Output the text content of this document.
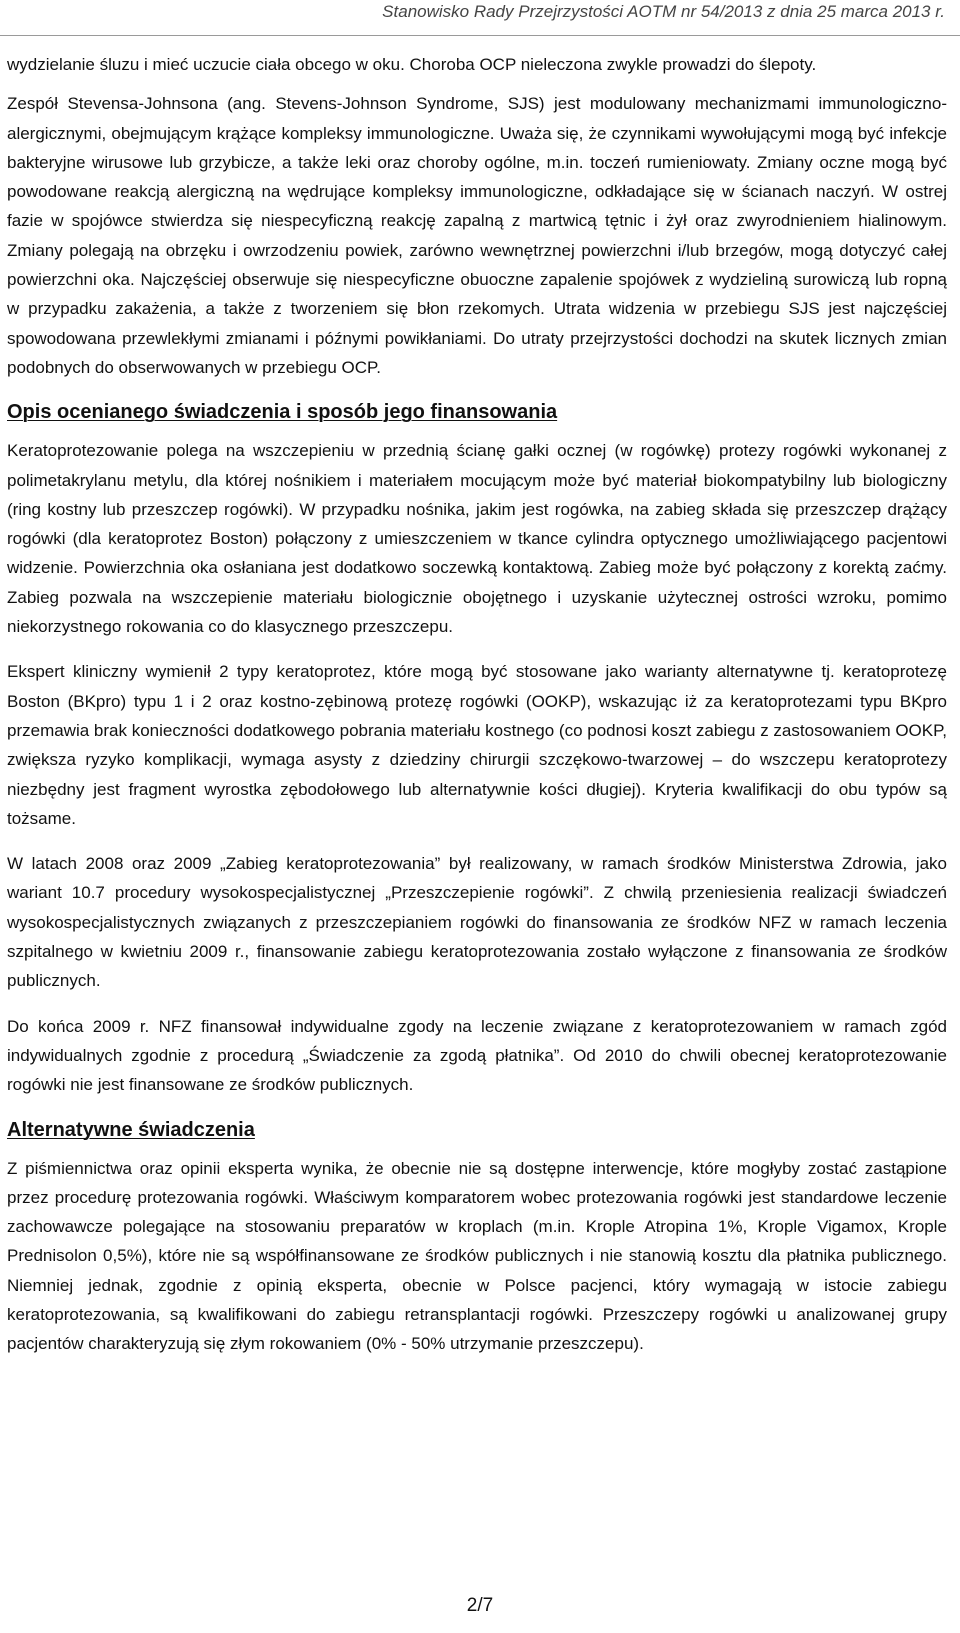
Stanowisko Rady Przejrzystości AOTM nr 54/2013 z dnia 25 marca 2013 r.

wydzielanie śluzu i mieć uczucie ciała obcego w oku. Choroba OCP nieleczona zwykle prowadzi do ślepoty.

Zespół Stevensa-Johnsona (ang. Stevens-Johnson Syndrome, SJS) jest modulowany mechanizmami immunologiczno-alergicznymi, obejmującym krążące kompleksy immunologiczne. Uważa się, że czynnikami wywołującymi mogą być infekcje bakteryjne wirusowe lub grzybicze, a także leki oraz choroby ogólne, m.in. toczeń rumieniowaty. Zmiany oczne mogą być powodowane reakcją alergiczną na wędrujące kompleksy immunologiczne, odkładające się w ścianach naczyń. W ostrej fazie w spojówce stwierdza się niespecyficzną reakcję zapalną z martwicą tętnic i żył oraz zwyrodnieniem hialinowym. Zmiany polegają na obrzęku i owrzodzeniu powiek, zarówno wewnętrznej powierzchni i/lub brzegów, mogą dotyczyć całej powierzchni oka. Najczęściej obserwuje się niespecyficzne obuoczne zapalenie spojówek z wydzieliną surowiczą lub ropną w przypadku zakażenia, a także z tworzeniem się błon rzekomych. Utrata widzenia w przebiegu SJS jest najczęściej spowodowana przewlekłymi zmianami i późnymi powikłaniami. Do utraty przejrzystości dochodzi na skutek licznych zmian podobnych do obserwowanych w przebiegu OCP.

Opis ocenianego świadczenia i sposób jego finansowania

Keratoprotezowanie polega na wszczepieniu w przednią ścianę gałki ocznej (w rogówkę) protezy rogówki wykonanej z polimetakrylanu metylu, dla której nośnikiem i materiałem mocującym może być materiał biokompatybilny lub biologiczny (ring kostny lub przeszczep rogówki). W przypadku nośnika, jakim jest rogówka, na zabieg składa się przeszczep drążący rogówki (dla keratoprotez Boston) połączony z umieszczeniem w tkance cylindra optycznego umożliwiającego pacjentowi widzenie. Powierzchnia oka osłaniana jest dodatkowo soczewką kontaktową. Zabieg może być połączony z korektą zaćmy. Zabieg pozwala na wszczepienie materiału biologicznie obojętnego i uzyskanie użytecznej ostrości wzroku, pomimo niekorzystnego rokowania co do klasycznego przeszczepu.

Ekspert kliniczny wymienił 2 typy keratoprotez, które mogą być stosowane jako warianty alternatywne tj. keratoprotezę Boston (BKpro) typu 1 i 2 oraz kostno-zębinową protezę rogówki (OOKP), wskazując iż za keratoprotezami typu BKpro przemawia brak konieczności dodatkowego pobrania materiału kostnego (co podnosi koszt zabiegu z zastosowaniem OOKP, zwiększa ryzyko komplikacji, wymaga asysty z dziedziny chirurgii szczękowo-twarzowej – do wszczepu keratoprotezy niezbędny jest fragment wyrostka zębodołowego lub alternatywnie kości długiej). Kryteria kwalifikacji do obu typów są tożsame.

W latach 2008 oraz 2009 „Zabieg keratoprotezowania” był realizowany, w ramach środków Ministerstwa Zdrowia, jako wariant 10.7 procedury wysokospecjalistycznej „Przeszczepienie rogówki”. Z chwilą przeniesienia realizacji świadczeń wysokospecjalistycznych związanych z przeszczepianiem rogówki do finansowania ze środków NFZ w ramach leczenia szpitalnego w kwietniu 2009 r., finansowanie zabiegu keratoprotezowania zostało wyłączone z finansowania ze środków publicznych.

Do końca 2009 r. NFZ finansował indywidualne zgody na leczenie związane z keratoprotezowaniem w ramach zgód indywidualnych zgodnie z procedurą „Świadczenie za zgodą płatnika”. Od 2010 do chwili obecnej keratoprotezowanie rogówki nie jest finansowane ze środków publicznych.

Alternatywne świadczenia

Z piśmiennictwa oraz opinii eksperta wynika, że obecnie nie są dostępne interwencje, które mogłyby zostać zastąpione przez procedurę protezowania rogówki. Właściwym komparatorem wobec protezowania rogówki jest standardowe leczenie zachowawcze polegające na stosowaniu preparatów w kroplach (m.in. Krople Atropina 1%, Krople Vigamox, Krople Prednisolon 0,5%), które nie są współfinansowane ze środków publicznych i nie stanowią kosztu dla płatnika publicznego. Niemniej jednak, zgodnie z opinią eksperta, obecnie w Polsce pacjenci, który wymagają w istocie zabiegu keratoprotezowania, są kwalifikowani do zabiegu retransplantacji rogówki. Przeszczepy rogówki u analizowanej grupy pacjentów charakteryzują się złym rokowaniem (0% - 50% utrzymanie przeszczepu).

2/7
